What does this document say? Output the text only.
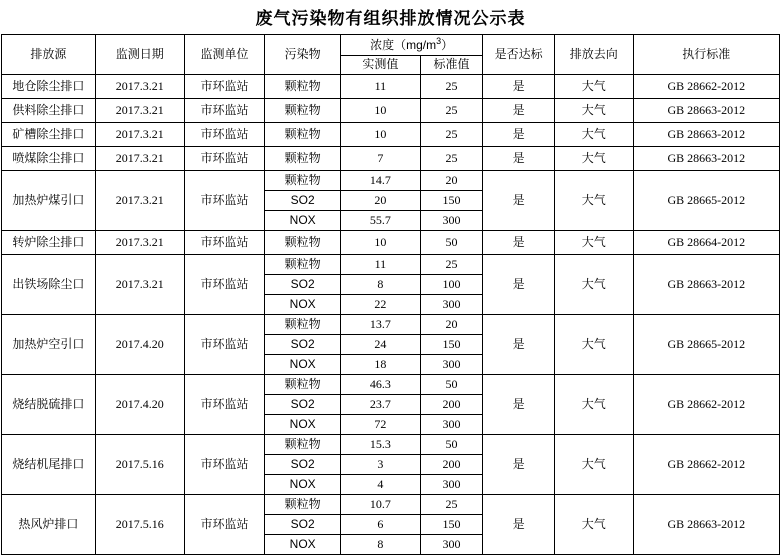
废气污染物有组织排放情况公示表
排放源	监测日期	监测单位	污染物	浓度$(mg/m^3)$		是否达标	排放去向	执行标准
				实测值	标准值			
地仓除尘排口	2017.3.21	市环监站	颗粒物	11	25	是	大气	GB 28662-2012
供料除尘排口	2017.3.21	市环监站	颗粒物	10	25	是	大气	GB 28663-2012
矿槽除尘排口	2017.3.21	市环监站	颗粒物	10	25	是	大气	GB 28663-2012
喷煤除尘排口	2017.3.21	市环监站	颗粒物	7	25	是	大气	GB 28663-2012
加热炉煤引口	2017.3.21	市环监站	颗粒物	14.7	20	是	大气	GB 28665-2012
			SO2	20	150			
			NOX	55.7	300			
转炉除尘排口	2017.3.21	市环监站	颗粒物	10	50	是	大气	GB 28664-2012
出铁场除尘口	2017.3.21	市环监站	颗粒物	11	25	是	大气	GB 28663-2012
			SO2	8	100			
			NOX	22	300			
加热炉空引口	2017.4.20	市环监站	颗粒物	13.7	20	是	大气	GB 28665-2012
			SO2	24	150			
			NOX	18	300			
烧结脱硫排口	2017.4.20	市环监站	颗粒物	46.3	50	是	大气	GB 28662-2012
			SO2	23.7	200			
			NOX	72	300			
烧结机尾排口	2017.5.16	市环监站	颗粒物	15.3	50	是	大气	GB 28662-2012
			SO2	3	200			
			NOX	4	300			
热风炉排口	2017.5.16	市环监站	颗粒物	10.7	25	是	大气	GB 28663-2012
			SO2	6	150			
			NOX	8	300			
